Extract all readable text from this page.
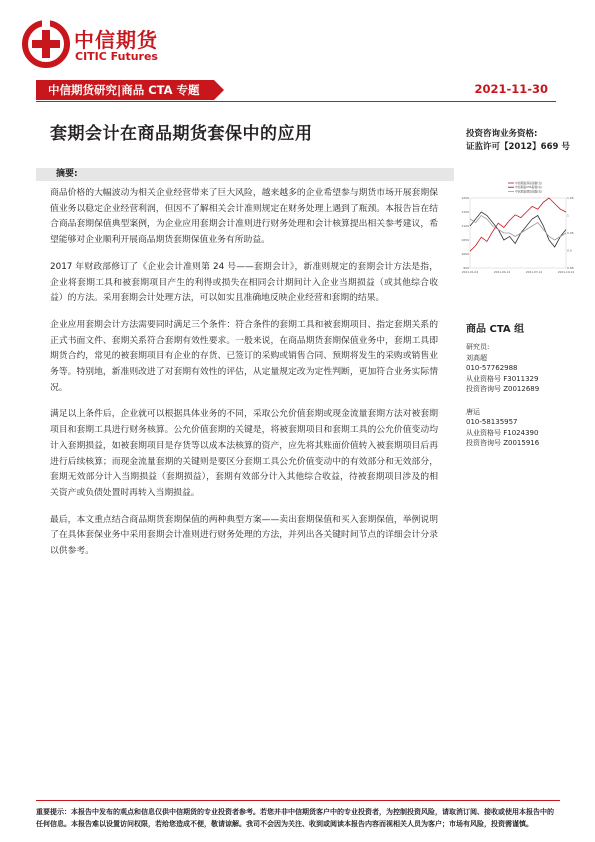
中信期货
CITIC Futures
中信期货研究|商品 CTA 专题	2021-11-30
套期会计在商品期货套保中的应用	投资咨询业务资格:
证监许可【2012】669 号
摘要:

商品价格的大幅波动为相关企业经营带来了巨大风险，越来越多的企业希望参与期货市场开展套期保值业务以稳定企业经营利润，但因不了解相关会计准则规定在财务处理上遇到了瓶颈。本报告旨在结合商品套期保值典型案例，为企业应用套期会计准则进行财务处理和会计核算提出相关参考建议，希望能够对企业顺利开展商品期货套期保值业务有所助益。

2017 年财政部修订了《企业会计准则第 24 号——套期会计》，新准则规定的套期会计方法是指，企业将套期工具和被套期项目产生的利得或损失在相同会计期间计入企业当期损益（或其他综合收益）的方法。采用套期会计处理方法，可以如实且准确地反映企业经营和套期的结果。

企业应用套期会计方法需要同时满足三个条件：符合条件的套期工具和被套期项目、指定套期关系的正式书面文件、套期关系符合套期有效性要求。一般来说，在商品期货套期保值业务中，套期工具即期货合约，常见的被套期项目有企业的存货、已签订的采购或销售合同、预期将发生的采购或销售业务等。特别地，新准则改进了对套期有效性的评估，从定量规定改为定性判断，更加符合业务实际情况。

满足以上条件后，企业就可以根据具体业务的不同，采取公允价值套期或现金流量套期方法对被套期项目和套期工具进行财务核算。公允价值套期的关键是，将被套期项目和套期工具的公允价值变动均计入套期损益，如被套期项目是存货等以成本法核算的资产，应先将其账面价值转入被套期项目后再进行后续核算；而现金流量套期的关键则是要区分套期工具公允价值变动中的有效部分和无效部分，套期无效部分计入当期损益（套期损益），套期有效部分计入其他综合收益，待被套期项目涉及的相关资产或负债处置时再转入当期损益。

最后，本文重点结合商品期货套期保值的两种典型方案——卖出套期保值和买入套期保值，举例说明了在具体套保业务中采用套期会计准则进行财务处理的方法，并列出各关键时间节点的详细会计分录以供参考。

中信期货商品指数(左)
中信期货CTA指数(右)
中信期货期货指数(右)
1200
1150
1100
1050
1000
950
1.05
1
0.95
0.9
0.85
2021-01-04	2021-04-14	2021-07-14	2021-10-14
商品 CTA 组
研究员:
刘高超
010-57762988
从业资格号 F3011329
投资咨询号 Z0012689
唐运
010-58135957
从业资格号 F1024390
投资咨询号 Z0015916
重要提示：本报告中发布的观点和信息仅供中信期货的专业投资者参考。若您并非中信期货客户中的专业投资者，为控制投资风险，请取消订阅、接收或使用本报告中的任何信息。本报告难以设置访问权限，若给您造成不便，敬请谅解。我司不会因为关注、收到或阅读本报告内容而视相关人员为客户；市场有风险，投资需谨慎。
